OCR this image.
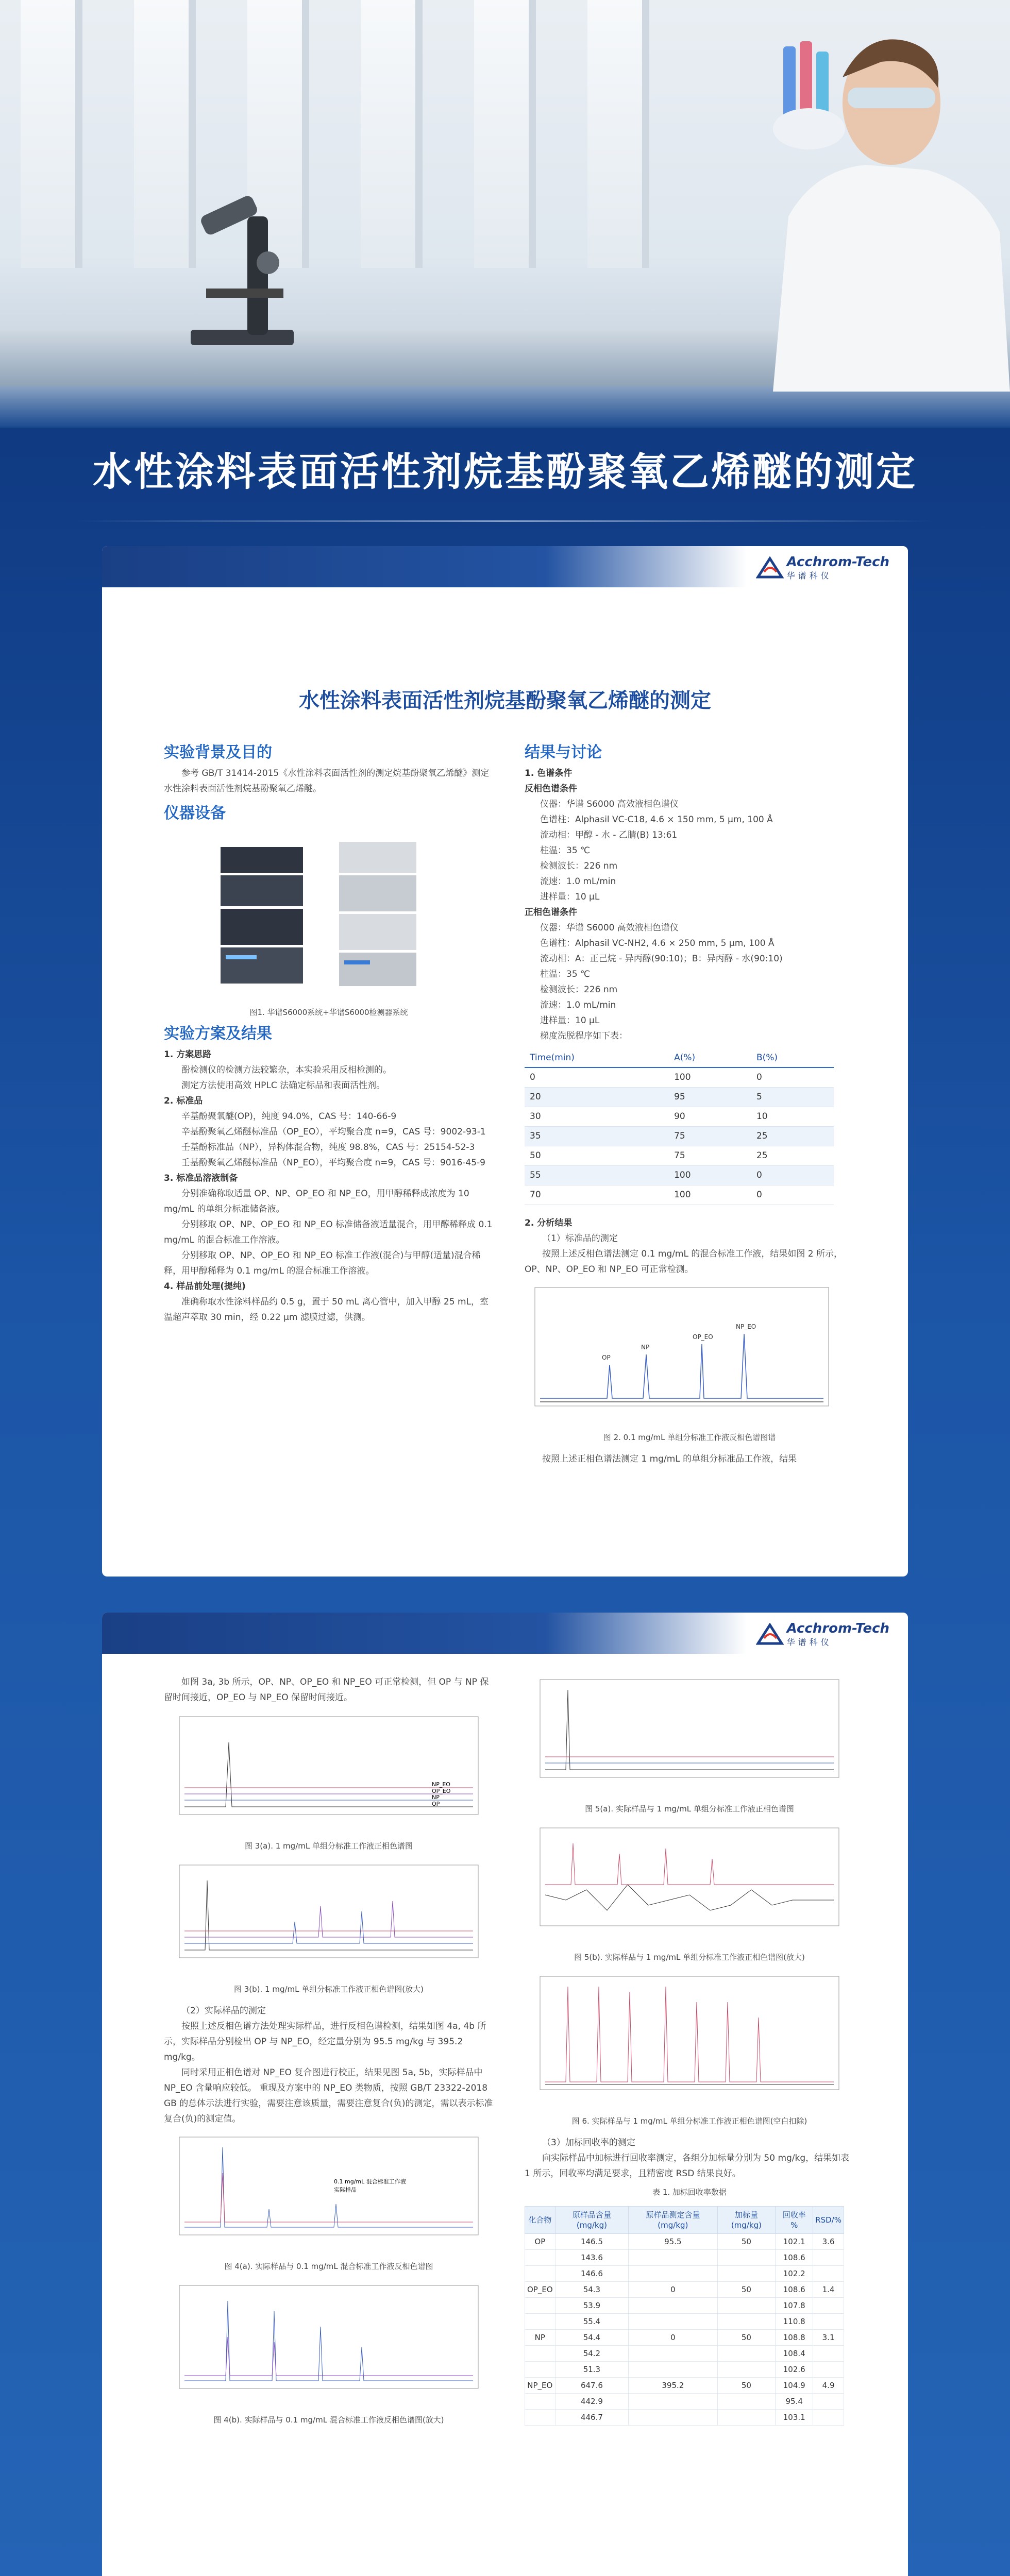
水性涂料表面活性剂烷基酚聚氧乙烯醚的测定
Acchrom-Tech
华谱科仪
水性涂料表面活性剂烷基酚聚氧乙烯醚的测定
实验背景及目的
参考 GB/T 31414-2015《水性涂料表面活性剂的测定烷基酚聚氧乙烯醚》测定水性涂料表面活性剂烷基酚聚氧乙烯醚。
仪器设备
图1. 华谱S6000系统+华谱S6000检测器系统
实验方案及结果
1. 方案思路
酚检测仪的检测方法较繁杂，本实验采用反相检测的。
测定方法使用高效 HPLC 法确定标品和表面活性剂。
2. 标准品
辛基酚聚氧醚(OP)，纯度 94.0%，CAS 号：140-66-9
辛基酚聚氧乙烯醚标准品（OP_EO），平均聚合度 n=9，CAS 号：9002-93-1
壬基酚标准品（NP），异构体混合物，纯度 98.8%，CAS 号：25154-52-3
壬基酚聚氧乙烯醚标准品（NP_EO），平均聚合度 n=9，CAS 号：9016-45-9
3. 标准品溶液制备
分别准确称取适量 OP、NP、OP_EO 和 NP_EO，用甲醇稀释成浓度为 10 mg/mL 的单组分标准储备液。
分别移取 OP、NP、OP_EO 和 NP_EO 标准储备液适量混合，用甲醇稀释成 0.1 mg/mL 的混合标准工作溶液。
分别移取 OP、NP、OP_EO 和 NP_EO 标准工作液(混合)与甲醇(适量)混合稀释，用甲醇稀释为 0.1 mg/mL 的混合标准工作溶液。
4. 样品前处理(提纯)
准确称取水性涂料样品约 0.5 g，置于 50 mL 离心管中，加入甲醇 25 mL，室温超声萃取 30 min，经 0.22 μm 滤膜过滤，供测。
结果与讨论
1. 色谱条件
反相色谱条件
仪器：华谱 S6000 高效液相色谱仪
色谱柱：Alphasil VC-C18, 4.6 × 150 mm, 5 μm, 100 Å
流动相：甲醇 - 水 - 乙腈(B) 13:61
柱温：35 ℃
检测波长：226 nm
流速：1.0 mL/min
进样量：10 μL
正相色谱条件
仪器：华谱 S6000 高效液相色谱仪
色谱柱：Alphasil VC-NH2, 4.6 × 250 mm, 5 μm, 100 Å
流动相：A：正己烷 - 异丙醇(90:10)；B：异丙醇 - 水(90:10)
柱温：35 ℃
检测波长：226 nm
流速：1.0 mL/min
进样量：10 μL
梯度洗脱程序如下表：
Time(min)	A(%)	B(%)
0	100	0
20	95	5
30	90	10
35	75	25
50	75	25
55	100	0
70	100	0
2. 分析结果
（1）标准品的测定
按照上述反相色谱法测定 0.1 mg/mL 的混合标准工作液，结果如图 2 所示，OP、NP、OP_EO 和 NP_EO 可正常检测。
OP
NP
OP_EO
NP_EO
图 2. 0.1 mg/mL 单组分标准工作液反相色谱图谱
按照上述正相色谱法测定 1 mg/mL 的单组分标准品工作液，结果
Acchrom-Tech
华谱科仪
如图 3a, 3b 所示，OP、NP、OP_EO 和 NP_EO 可正常检测，但 OP 与 NP 保留时间接近，OP_EO 与 NP_EO 保留时间接近。
NP_EO
OP_EO
NP
OP
图 3(a). 1 mg/mL 单组分标准工作液正相色谱图
图 3(b). 1 mg/mL 单组分标准工作液正相色谱图(放大)
（2）实际样品的测定
按照上述反相色谱方法处理实际样品，进行反相色谱检测，结果如图 4a, 4b 所示，实际样品分别检出 OP 与 NP_EO，经定量分别为 95.5 mg/kg 与 395.2 mg/kg。
同时采用正相色谱对 NP_EO 复合图进行校正，结果见图 5a, 5b，实际样品中 NP_EO 含量响应较低。 重现及方案中的 NP_EO 类物质，按照 GB/T 23322-2018 GB 的总体示法进行实验，需要注意该质量，需要注意复合(负)的测定，需以表示标准复合(负)的测定值。
0.1 mg/mL 混合标准工作液
实际样品
图 4(a). 实际样品与 0.1 mg/mL 混合标准工作液反相色谱图
图 4(b). 实际样品与 0.1 mg/mL 混合标准工作液反相色谱图(放大)
图 5(a). 实际样品与 1 mg/mL 单组分标准工作液正相色谱图
图 5(b). 实际样品与 1 mg/mL 单组分标准工作液正相色谱图(放大)
图 6. 实际样品与 1 mg/mL 单组分标准工作液正相色谱图(空白扣除)
（3）加标回收率的测定
向实际样品中加标进行回收率测定，各组分加标量分别为 50 mg/kg，结果如表 1 所示，回收率均满足要求，且精密度 RSD 结果良好。
表 1. 加标回收率数据
化合物	原样品含量(mg/kg)	原样品测定含量(mg/kg)	加标量(mg/kg)	回收率 %	RSD/%
OP	146.5	95.5	50	102.1	3.6
	143.6			108.6	
	146.6			102.2	
OP_EO	54.3	0	50	108.6	1.4
	53.9			107.8	
	55.4			110.8	
NP	54.4	0	50	108.8	3.1
	54.2			108.4	
	51.3			102.6	
NP_EO	647.6	395.2	50	104.9	4.9
	442.9			95.4	
	446.7			103.1	
